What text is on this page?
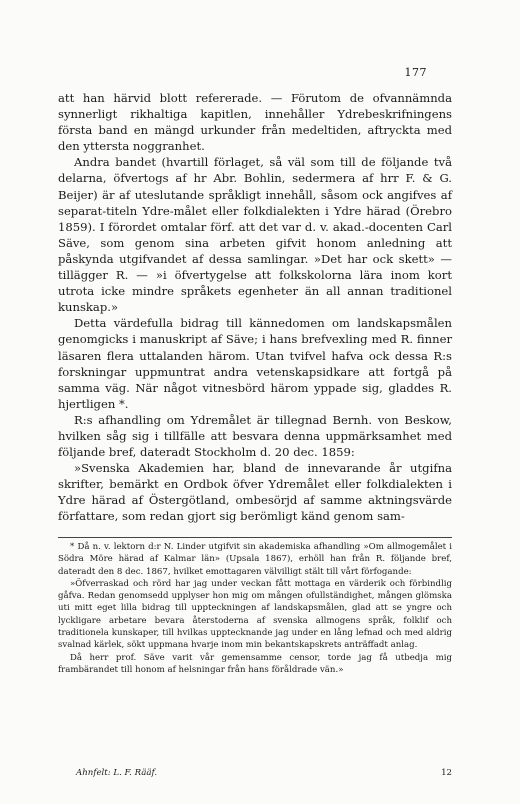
177

att han härvid blott refererade. — Förutom de ofvannämnda synnerligt rikhaltiga kapitlen, innehåller Ydrebeskrifningens första band en mängd urkunder från medeltiden, aftryckta med den yttersta noggranhet.

Andra bandet (hvartill förlaget, så väl som till de följande två delarna, öfvertogs af hr Abr. Bohlin, sedermera af hrr F. & G. Beijer) är af uteslutande språkligt innehåll, såsom ock angifves af separat-titeln Ydre-målet eller folkdialekten i Ydre härad (Örebro 1859). I förordet omtalar förf. att det var d. v. akad.-docenten Carl Säve, som genom sina arbeten gifvit honom anledning att påskynda utgifvandet af dessa samlingar. »Det har ock skett» — tillägger R. — »i öfvertygelse att folkskolorna lära inom kort utrota icke mindre språkets egenheter än all annan traditionel kunskap.»

Detta värdefulla bidrag till kännedomen om landskapsmålen genomgicks i manuskript af Säve; i hans brefvexling med R. finner läsaren flera uttalanden härom. Utan tvifvel hafva ock dessa R:s forskningar uppmuntrat andra vetenskapsidkare att fortgå på samma väg. När något vitnesbörd härom yppade sig, gladdes R. hjertligen *.

R:s afhandling om Ydremålet är tillegnad Bernh. von Beskow, hvilken såg sig i tillfälle att besvara denna uppmärksamhet med följande bref, dateradt Stockholm d. 20 dec. 1859:

»Svenska Akademien har, bland de innevarande år utgifna skrifter, bemärkt en Ordbok öfver Ydremålet eller folkdialekten i Ydre härad af Östergötland, ombesörjd af samme aktningsvärde författare, som redan gjort sig berömligt känd genom sam-

* Då n. v. lektorn d:r N. Linder utgifvit sin akademiska afhandling »Om allmogemålet i Södra Möre härad af Kalmar län» (Upsala 1867), erhöll han från R. följande bref, dateradt den 8 dec. 1867, hvilket emottagaren välvilligt stält till vårt förfogande:

»Öfverraskad och rörd har jag under veckan fått mottaga en värderik och förbindlig gåfva. Redan genomsedd upplyser hon mig om mången ofullständighet, mången glömska uti mitt eget lilla bidrag till uppteckningen af landskapsmålen, glad att se yngre och lyckligare arbetare bevara återstoderna af svenska allmogens språk, folklif och traditionela kunskaper, till hvilkas upptecknande jag under en lång lefnad och med aldrig svalnad kärlek, sökt uppmana hvarje inom min bekantskapskrets anträffadt anlag.

Då herr prof. Säve varit vår gemensamme censor, torde jag få utbedja mig frambärandet till honom af helsningar från hans föråldrade vän.»

Ahnfelt: L. F. Rääf.	12
